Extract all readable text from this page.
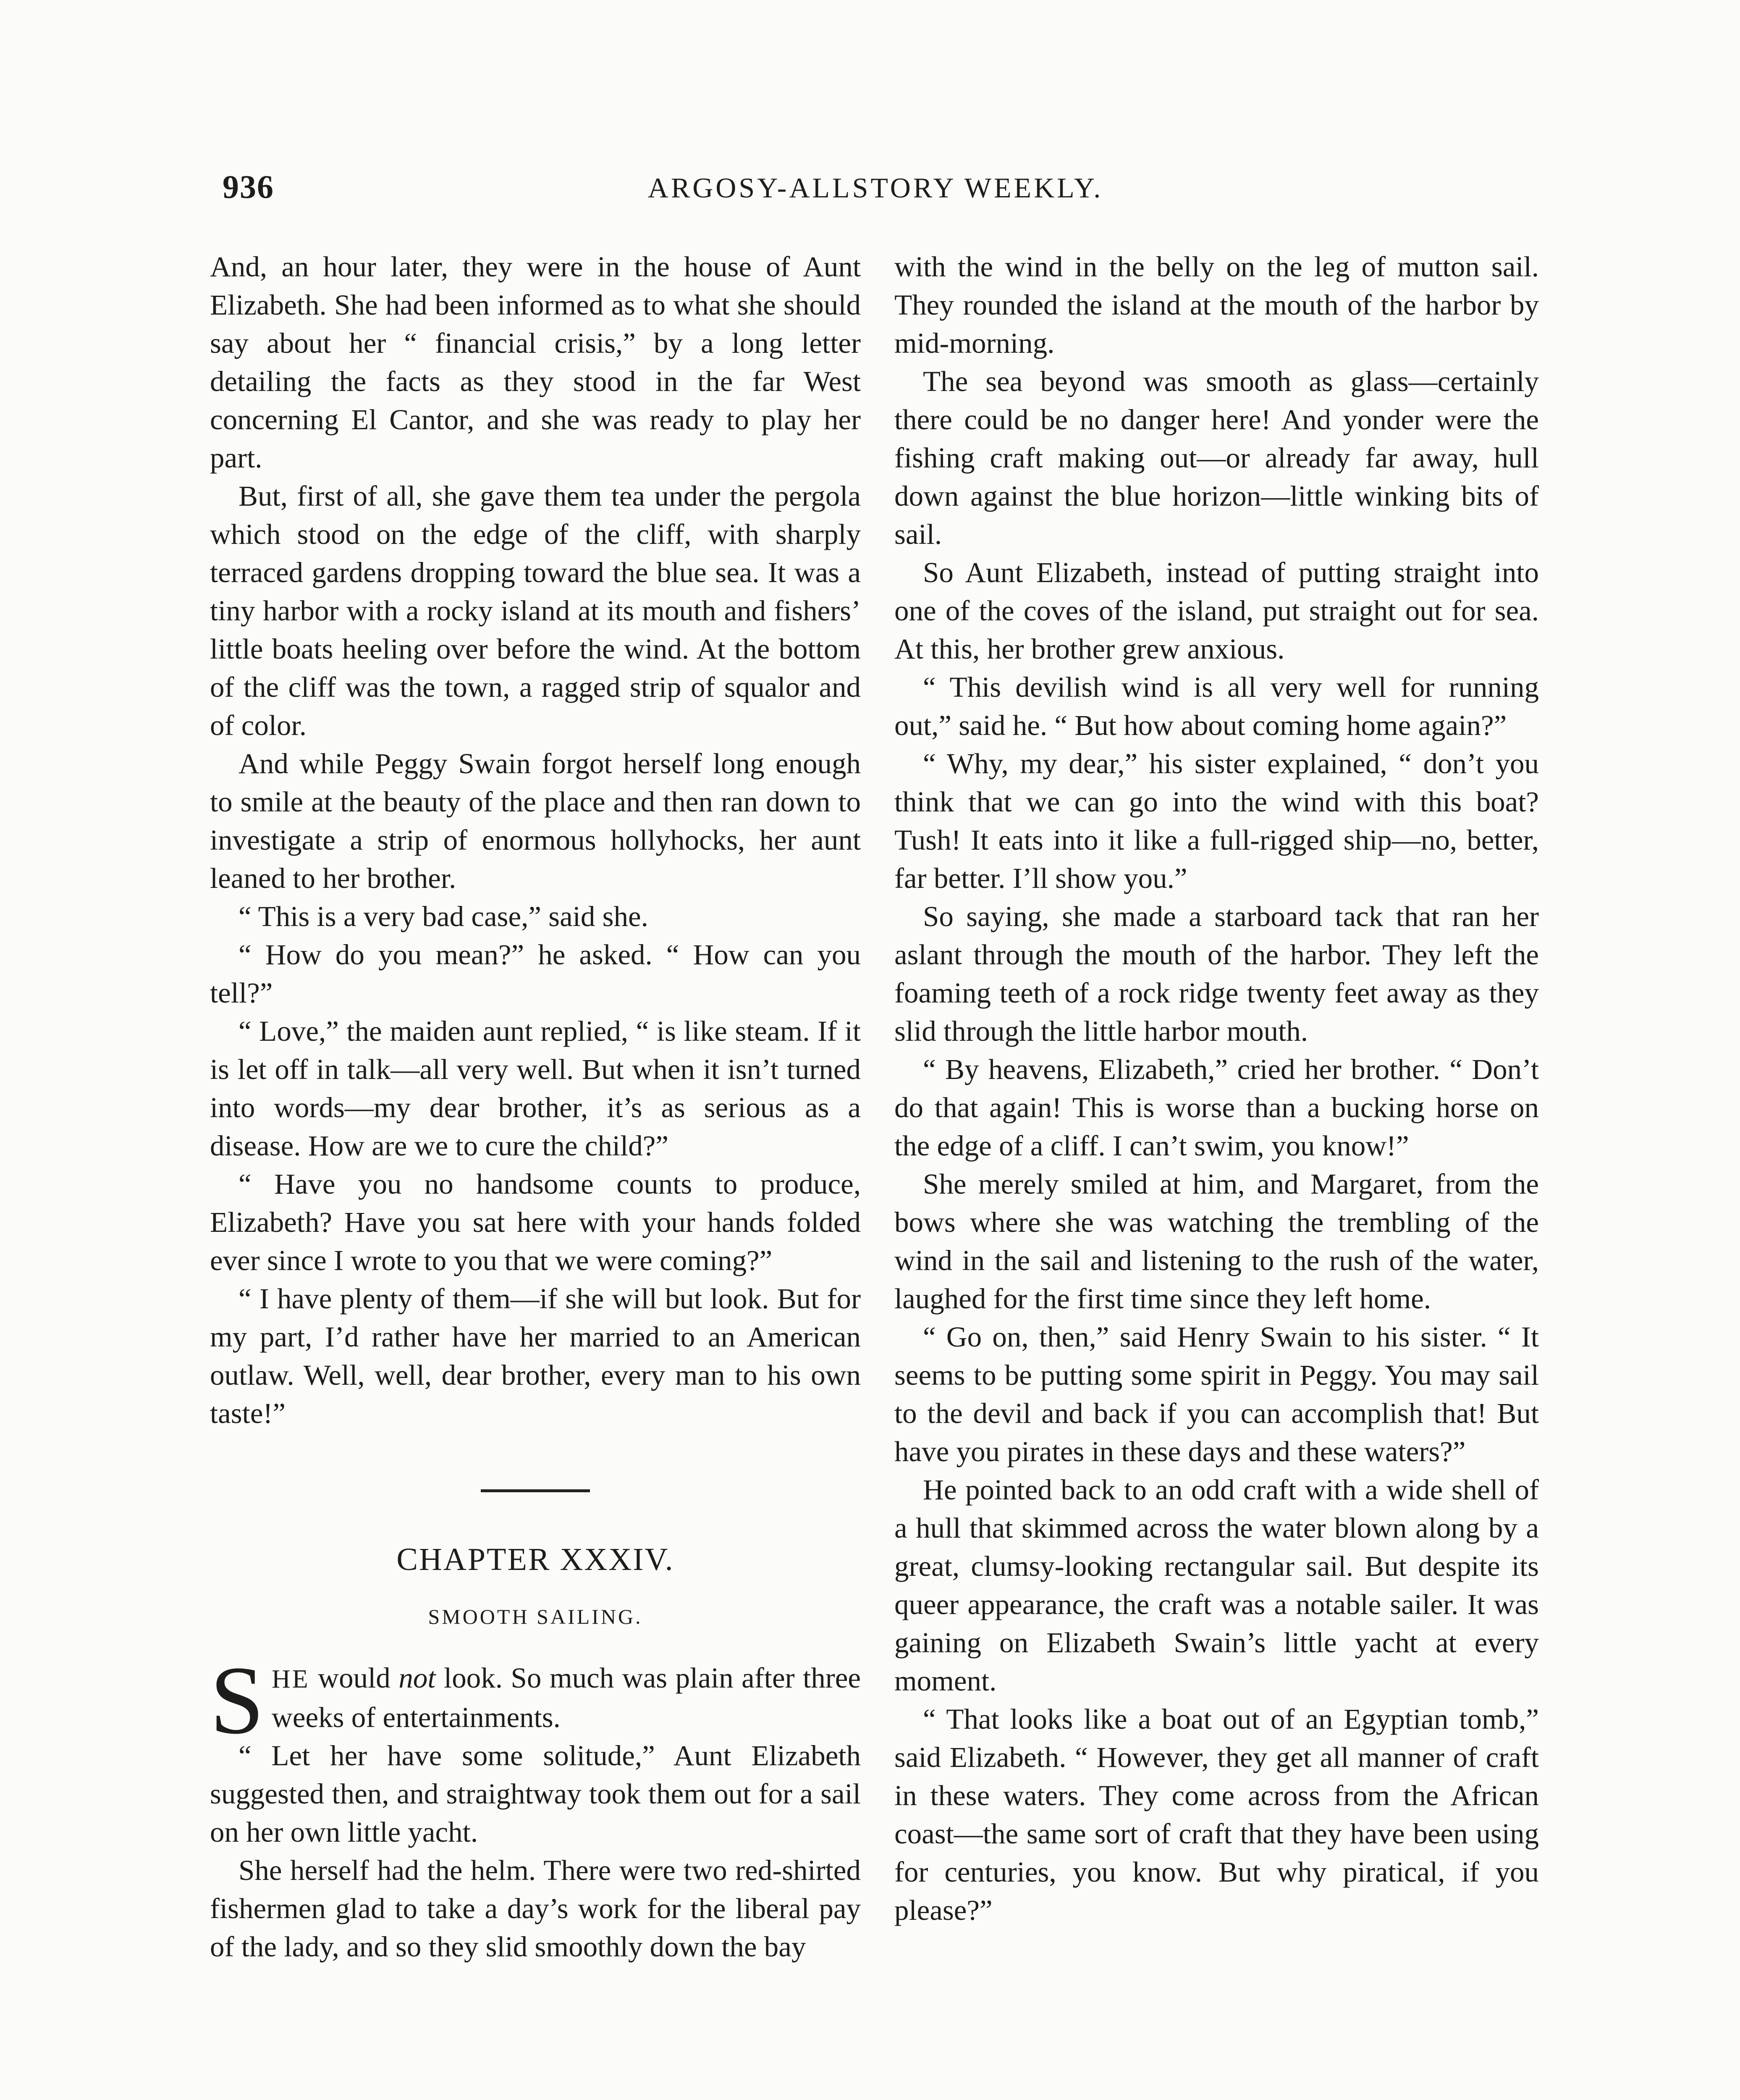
936	ARGOSY-ALLSTORY WEEKLY.

And, an hour later, they were in the house of Aunt Elizabeth. She had been informed as to what she should say about her “ financial crisis,” by a long letter detailing the facts as they stood in the far West concerning El Cantor, and she was ready to play her part.

But, first of all, she gave them tea under the pergola which stood on the edge of the cliff, with sharply terraced gardens dropping toward the blue sea. It was a tiny harbor with a rocky island at its mouth and fishers’ little boats heeling over before the wind. At the bottom of the cliff was the town, a ragged strip of squalor and of color.

And while Peggy Swain forgot herself long enough to smile at the beauty of the place and then ran down to investigate a strip of enormous hollyhocks, her aunt leaned to her brother.

“ This is a very bad case,” said she.

“ How do you mean?” he asked. “ How can you tell?”

“ Love,” the maiden aunt replied, “ is like steam. If it is let off in talk—all very well. But when it isn’t turned into words—my dear brother, it’s as serious as a disease. How are we to cure the child?”

“ Have you no handsome counts to produce, Elizabeth? Have you sat here with your hands folded ever since I wrote to you that we were coming?”

“ I have plenty of them—if she will but look. But for my part, I’d rather have her married to an American outlaw. Well, well, dear brother, every man to his own taste!”

CHAPTER XXXIV.
SMOOTH SAILING.

SHE would not look. So much was plain after three weeks of entertainments.

“ Let her have some solitude,” Aunt Elizabeth suggested then, and straightway took them out for a sail on her own little yacht.

She herself had the helm. There were two red-shirted fishermen glad to take a day’s work for the liberal pay of the lady, and so they slid smoothly down the bay

with the wind in the belly on the leg of mutton sail. They rounded the island at the mouth of the harbor by mid-morning.

The sea beyond was smooth as glass—certainly there could be no danger here! And yonder were the fishing craft making out—or already far away, hull down against the blue horizon—little winking bits of sail.

So Aunt Elizabeth, instead of putting straight into one of the coves of the island, put straight out for sea. At this, her brother grew anxious.

“ This devilish wind is all very well for running out,” said he. “ But how about coming home again?”

“ Why, my dear,” his sister explained, “ don’t you think that we can go into the wind with this boat? Tush! It eats into it like a full-rigged ship—no, better, far better. I’ll show you.”

So saying, she made a starboard tack that ran her aslant through the mouth of the harbor. They left the foaming teeth of a rock ridge twenty feet away as they slid through the little harbor mouth.

“ By heavens, Elizabeth,” cried her brother. “ Don’t do that again! This is worse than a bucking horse on the edge of a cliff. I can’t swim, you know!”

She merely smiled at him, and Margaret, from the bows where she was watching the trembling of the wind in the sail and listening to the rush of the water, laughed for the first time since they left home.

“ Go on, then,” said Henry Swain to his sister. “ It seems to be putting some spirit in Peggy. You may sail to the devil and back if you can accomplish that! But have you pirates in these days and these waters?”

He pointed back to an odd craft with a wide shell of a hull that skimmed across the water blown along by a great, clumsy-looking rectangular sail. But despite its queer appearance, the craft was a notable sailer. It was gaining on Elizabeth Swain’s little yacht at every moment.

“ That looks like a boat out of an Egyptian tomb,” said Elizabeth. “ However, they get all manner of craft in these waters. They come across from the African coast—the same sort of craft that they have been using for centuries, you know. But why piratical, if you please?”
